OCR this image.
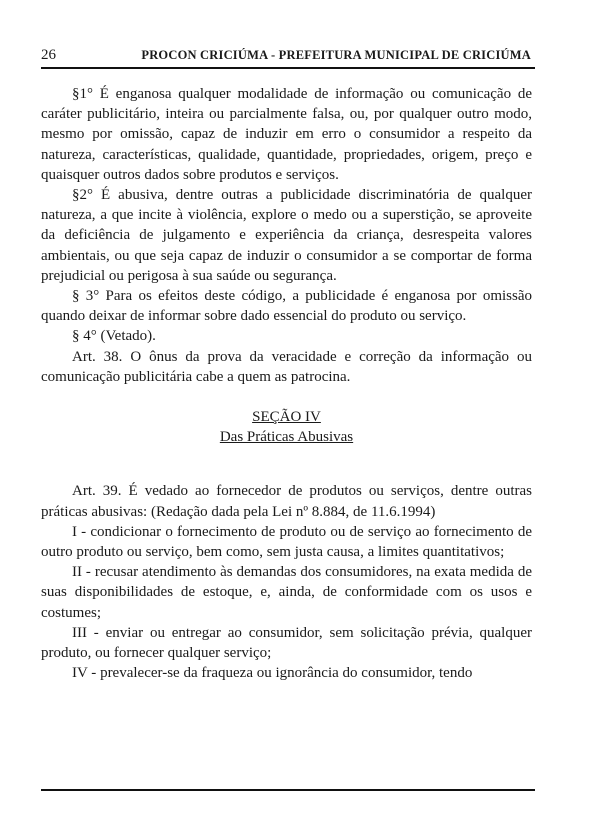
26	PROCON CRICIÚMA - PREFEITURA MUNICIPAL DE CRICIÚMA

§1° É enganosa qualquer modalidade de informação ou comunicação de caráter publicitário, inteira ou parcialmente falsa, ou, por qualquer outro modo, mesmo por omissão, capaz de induzir em erro o consumidor a respeito da natureza, características, qualidade, quantidade, propriedades, origem, preço e quaisquer outros dados sobre produtos e serviços.

§2° É abusiva, dentre outras a publicidade discriminatória de qualquer natureza, a que incite à violência, explore o medo ou a superstição, se aproveite da deficiência de julgamento e experiência da criança, desrespeita valores ambientais, ou que seja capaz de induzir o consumidor a se comportar de forma prejudicial ou perigosa à sua saúde ou segurança.

§ 3° Para os efeitos deste código, a publicidade é enganosa por omissão quando deixar de informar sobre dado essencial do produto ou serviço.

§ 4° (Vetado).

Art. 38. O ônus da prova da veracidade e correção da informação ou comunicação publicitária cabe a quem as patrocina.

SEÇÃO IV
Das Práticas Abusivas

Art. 39. É vedado ao fornecedor de produtos ou serviços, dentre outras práticas abusivas: (Redação dada pela Lei nº 8.884, de 11.6.1994)

I - condicionar o fornecimento de produto ou de serviço ao fornecimento de outro produto ou serviço, bem como, sem justa causa, a limites quantitativos;

II - recusar atendimento às demandas dos consumidores, na exata medida de suas disponibilidades de estoque, e, ainda, de conformidade com os usos e costumes;

III - enviar ou entregar ao consumidor, sem solicitação prévia, qualquer produto, ou fornecer qualquer serviço;

IV - prevalecer-se da fraqueza ou ignorância do consumidor, tendo
